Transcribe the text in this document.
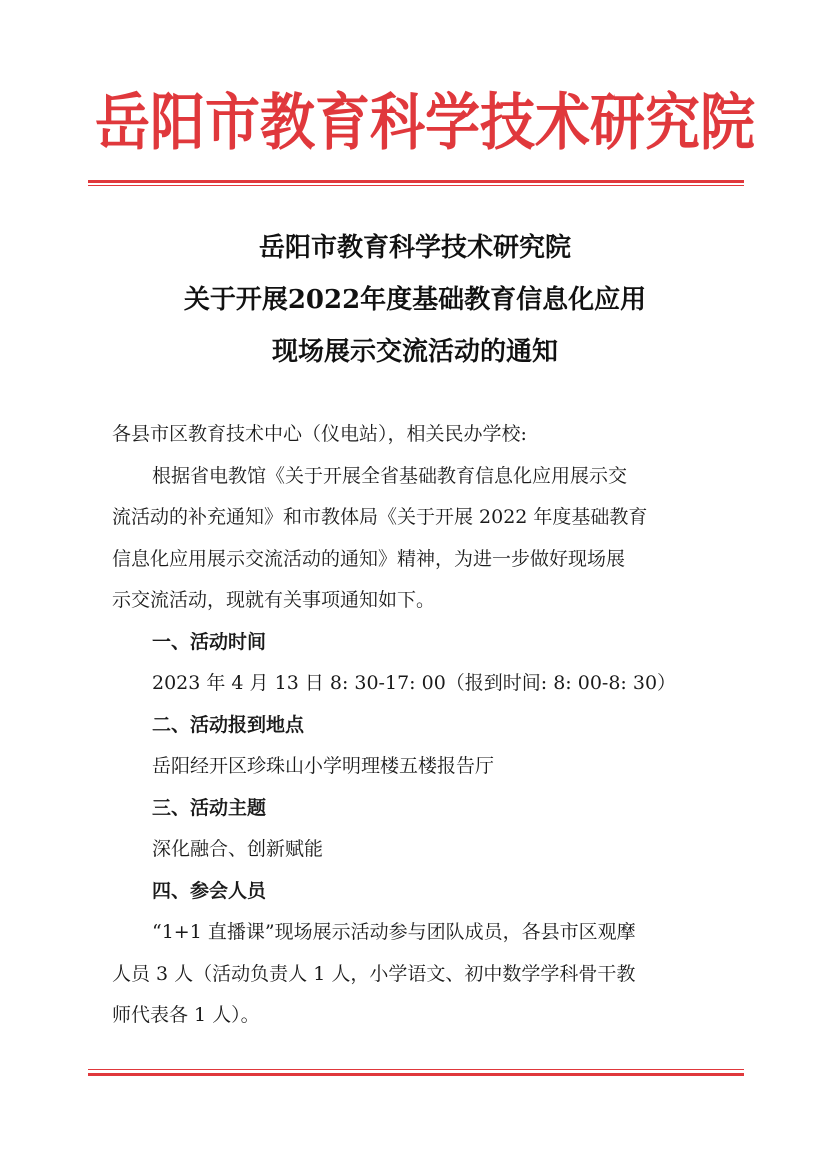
岳阳市教育科学技术研究院
岳阳市教育科学技术研究院
关于开展2022年度基础教育信息化应用
现场展示交流活动的通知
各县市区教育技术中心（仪电站），相关民办学校:
根据省电教馆《关于开展全省基础教育信息化应用展示交
流活动的补充通知》和市教体局《关于开展 2022 年度基础教育
信息化应用展示交流活动的通知》精神，为进一步做好现场展
示交流活动，现就有关事项通知如下。
一、活动时间
2023 年 4 月 13 日 8: 30-17: 00（报到时间: 8: 00-8: 30）
二、活动报到地点
岳阳经开区珍珠山小学明理楼五楼报告厅
三、活动主题
深化融合、创新赋能
四、参会人员
“1+1 直播课”现场展示活动参与团队成员，各县市区观摩
人员 3 人（活动负责人 1 人，小学语文、初中数学学科骨干教
师代表各 1 人）。
